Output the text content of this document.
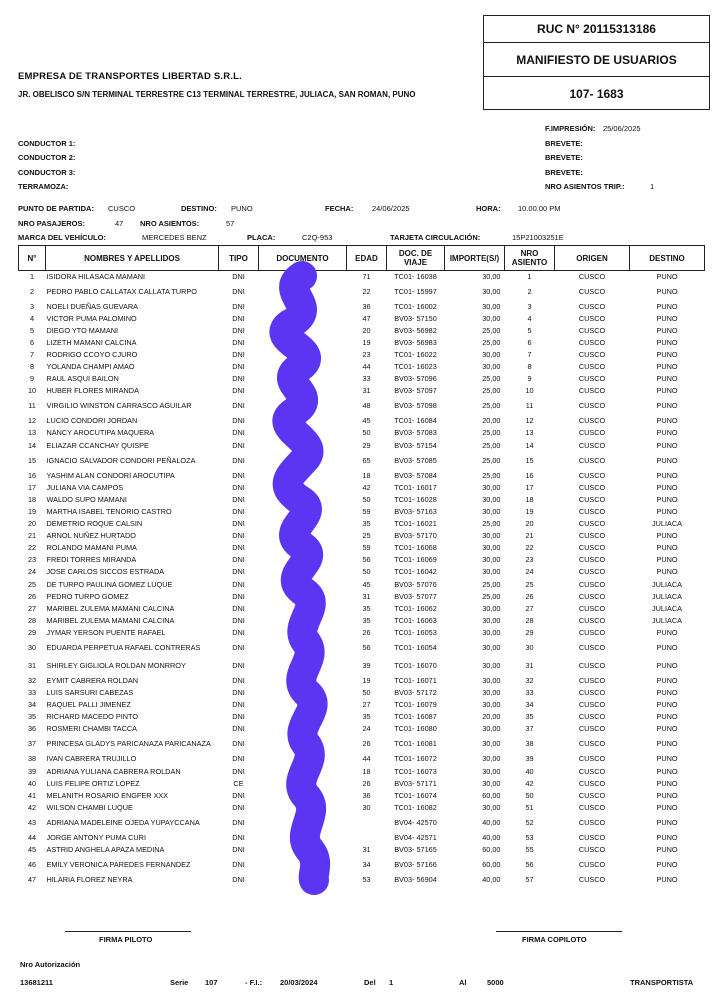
RUC N° 20115313186
MANIFIESTO DE USUARIOS
107- 1683
EMPRESA DE TRANSPORTES LIBERTAD S.R.L.
JR. OBELISCO S/N TERMINAL TERRESTRE C13 TERMINAL TERRESTRE, JULIACA, SAN ROMAN, PUNO
F.IMPRESIÓN: 25/06/2025
CONDUCTOR 1:
CONDUCTOR 2:
CONDUCTOR 3:
TERRAMOZA:
BREVETE:
BREVETE:
BREVETE:
NRO ASIENTOS TRIP.:	1
PUNTO DE PARTIDA: CUSCO	DESTINO: PUNO	FECHA: 24/06/2025	HORA: 10.00.00 PM
NRO PASAJEROS:	47 NRO ASIENTOS:	57
MARCA DEL VEHÍCULO:	MERCEDES BENZ	PLACA:	C2Q-953	TARJETA CIRCULACIÓN:	15P21003251E
N°	NOMBRES Y APELLIDOS	TIPO	DOCUMENTO	EDAD	DOC. DE VIAJE	IMPORTE(S/)	NRO ASIENTO	ORIGEN	DESTINO
1	ISIDORA HILASACA MAMANI	DNI		71	TC01- 16038	30,00	1	CUSCO	PUNO
2	PEDRO PABLO CALLATAX CALLATA TURPO	DNI		22	TC01- 15997	30,00	2	CUSCO	PUNO
3	NOELI DUEÑAS GUEVARA	DNI		36	TC01- 16002	30,00	3	CUSCO	PUNO
4	VICTOR PUMA PALOMINO	DNI		47	BV03- 57150	30,00	4	CUSCO	PUNO
5	DIEGO YTO MAMANI	DNI		20	BV03- 56982	25,00	5	CUSCO	PUNO
6	LIZETH MAMANI CALCINA	DNI		19	BV03- 56983	25,00	6	CUSCO	PUNO
7	RODRIGO CCOYO CJURO	DNI		23	TC01- 16022	30,00	7	CUSCO	PUNO
8	YOLANDA CHAMPI AMAO	DNI		44	TC01- 16023	30,00	8	CUSCO	PUNO
9	RAUL ASQUI BAILON	DNI		33	BV03- 57096	25,00	9	CUSCO	PUNO
10	HUBER FLORES MIRANDA	DNI		31	BV03- 57097	25,00	10	CUSCO	PUNO
11	VIRGILIO WINSTON CARRASCO AGUILAR	DNI		48	BV03- 57098	25,00	11	CUSCO	PUNO
12	LUCIO CONDORI JORDAN	DNI		45	TC01- 16084	20,00	12	CUSCO	PUNO
13	NANCY AROCUTIPA MAQUERA	DNI		50	BV03- 57083	25,00	13	CUSCO	PUNO
14	ELIAZAR CCANCHAY QUISPE	DNI		29	BV03- 57154	25,00	14	CUSCO	PUNO
15	IGNACIO SALVADOR CONDORI PEÑALOZA	DNI		65	BV03- 57085	25,00	15	CUSCO	PUNO
16	YASHIM ALAN CONDORI AROCUTIPA	DNI		18	BV03- 57084	25,00	16	CUSCO	PUNO
17	JULIANA VIA CAMPOS	DNI		42	TC01- 16017	30,00	17	CUSCO	PUNO
18	WALDO SUPO MAMANI	DNI		50	TC01- 16028	30,00	18	CUSCO	PUNO
19	MARTHA ISABEL TENORIO CASTRO	DNI		59	BV03- 57163	30,00	19	CUSCO	PUNO
20	DEMETRIO ROQUE CALSIN	DNI		35	TC01- 16021	25,00	20	CUSCO	JULIACA
21	ARNOL NUÑEZ HURTADO	DNI		25	BV03- 57170	30,00	21	CUSCO	PUNO
22	ROLANDO MAMANI PUMA	DNI		59	TC01- 16068	30,00	22	CUSCO	PUNO
23	FREDI TORRES MIRANDA	DNI		56	TC01- 16069	30,00	23	CUSCO	PUNO
24	JOSE CARLOS SICCOS ESTRADA	DNI		50	TC01- 16042	30,00	24	CUSCO	PUNO
25	DE TURPO PAULINA GOMEZ LUQUE	DNI		45	BV03- 57076	25,00	25	CUSCO	JULIACA
26	PEDRO TURPO GOMEZ	DNI		31	BV03- 57077	25,00	26	CUSCO	JULIACA
27	MARIBEL ZULEMA MAMANI CALCINA	DNI		35	TC01- 16062	30,00	27	CUSCO	JULIACA
28	MARIBEL ZULEMA MAMANI CALCINA	DNI		35	TC01- 16063	30,00	28	CUSCO	JULIACA
29	JYMAR YERSON PUENTE RAFAEL	DNI		26	TC01- 16053	30,00	29	CUSCO	PUNO
30	EDUARDA PERPETUA RAFAEL CONTRERAS	DNI		56	TC01- 16054	30,00	30	CUSCO	PUNO
31	SHIRLEY GIGLIOLA ROLDAN MONRROY	DNI		39	TC01- 16070	30,00	31	CUSCO	PUNO
32	EYMIT CABRERA ROLDAN	DNI		19	TC01- 16071	30,00	32	CUSCO	PUNO
33	LUIS SARSURI CABEZAS	DNI		50	BV03- 57172	30,00	33	CUSCO	PUNO
34	RAQUEL PALLI JIMENEZ	DNI		27	TC01- 16079	30,00	34	CUSCO	PUNO
35	RICHARD MACEDO PINTO	DNI		35	TC01- 16087	20,00	35	CUSCO	PUNO
36	ROSMERI CHAMBI TACCA	DNI		24	TC01- 16080	30,00	37	CUSCO	PUNO
37	PRINCESA GLADYS PARICANAZA PARICANAZA	DNI		26	TC01- 16081	30,00	38	CUSCO	PUNO
38	IVAN CABRERA TRUJILLO	DNI		44	TC01- 16072	30,00	39	CUSCO	PUNO
39	ADRIANA YULIANA CABRERA ROLDAN	DNI		18	TC01- 16073	30,00	40	CUSCO	PUNO
40	LUIS FELIPE ORTIZ LOPEZ	CE		26	BV03- 57171	30,00	42	CUSCO	PUNO
41	MELANITH ROSARIO ENGFER XXX	DNI		36	TC01- 16074	60,00	50	CUSCO	PUNO
42	WILSON CHAMBI LUQUE	DNI		30	TC01- 16082	30,00	51	CUSCO	PUNO
43	ADRIANA MADELEINE OJEDA YUPAYCCANA	DNI			BV04- 42570	40,00	52	CUSCO	PUNO
44	JORGE ANTONY PUMA CURI	DNI			BV04- 42571	40,00	53	CUSCO	PUNO
45	ASTRID ANGHELA APAZA MEDINA	DNI		31	BV03- 57165	60,00	55	CUSCO	PUNO
46	EMILY VERONICA PAREDES FERNANDEZ	DNI		34	BV03- 57166	60,00	56	CUSCO	PUNO
47	HILARIA FLOREZ NEYRA	DNI		53	BV03- 56904	40,00	57	CUSCO	PUNO
FIRMA PILOTO	FIRMA COPILOTO
Nro Autorización
13681211	Serie 107	- F.I.: 20/03/2024	Del 1	Al	5000	TRANSPORTISTA
